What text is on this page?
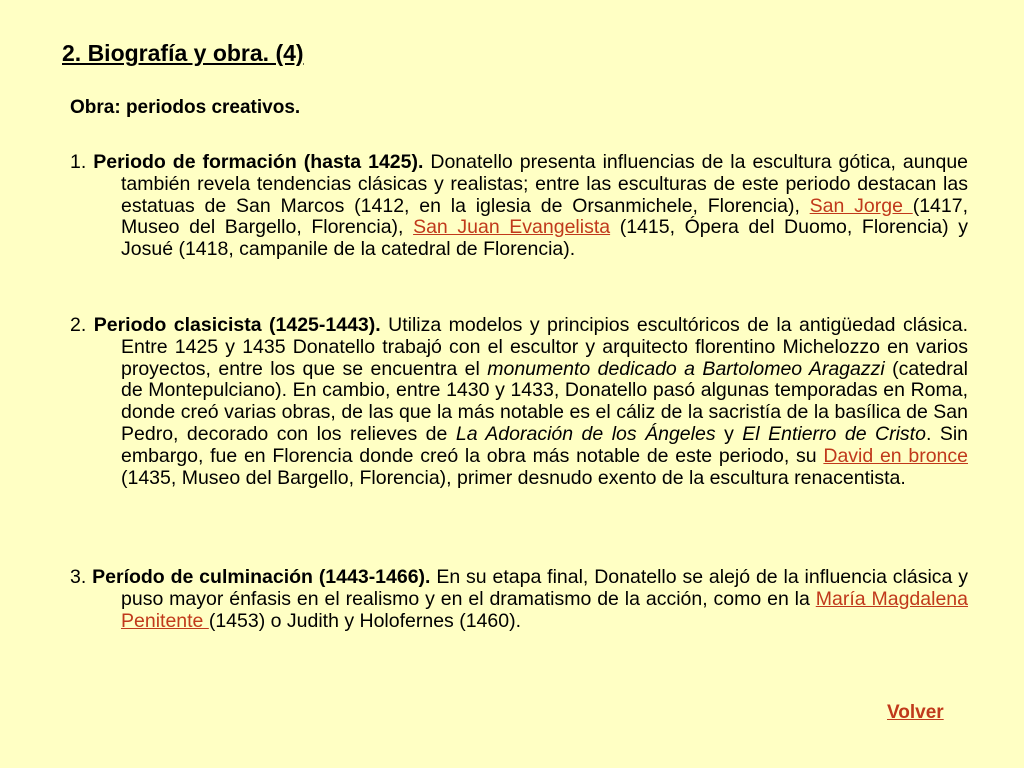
2. Biografía y obra. (4)
Obra: periodos creativos.

1. Periodo de formación (hasta 1425). Donatello presenta influencias de la escultura gótica, aunque también revela tendencias clásicas y realistas; entre las esculturas de este periodo destacan las estatuas de San Marcos (1412, en la iglesia de Orsanmichele, Florencia), San Jorge (1417, Museo del Bargello, Florencia), San Juan Evangelista (1415, Ópera del Duomo, Florencia) y Josué (1418, campanile de la catedral de Florencia).

2. Periodo clasicista (1425-1443). Utiliza modelos y principios escultóricos de la antigüedad clásica. Entre 1425 y 1435 Donatello trabajó con el escultor y arquitecto florentino Michelozzo en varios proyectos, entre los que se encuentra el monumento dedicado a Bartolomeo Aragazzi (catedral de Montepulciano). En cambio, entre 1430 y 1433, Donatello pasó algunas temporadas en Roma, donde creó varias obras, de las que la más notable es el cáliz de la sacristía de la basílica de San Pedro, decorado con los relieves de La Adoración de los Ángeles y El Entierro de Cristo. Sin embargo, fue en Florencia donde creó la obra más notable de este periodo, su David en bronce (1435, Museo del Bargello, Florencia), primer desnudo exento de la escultura renacentista.

3. Período de culminación (1443-1466). En su etapa final, Donatello se alejó de la influencia clásica y puso mayor énfasis en el realismo y en el dramatismo de la acción, como en la María Magdalena Penitente (1453) o Judith y Holofernes (1460).

Volver
